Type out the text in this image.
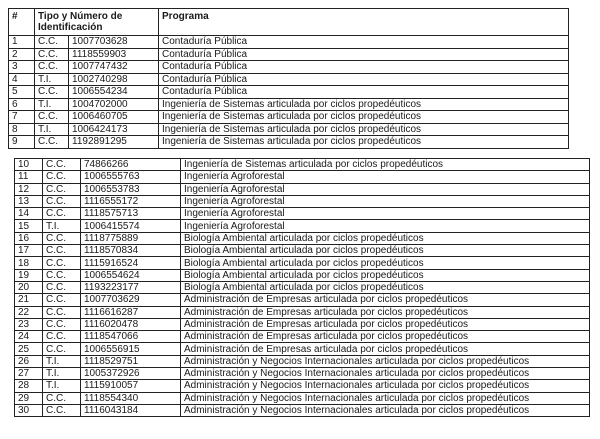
#	Tipo y Número de Identificación		Programa
1	C.C.	1007703628	Contaduría Pública
2	C.C.	1118559903	Contaduría Pública
3	C.C.	1007747432	Contaduría Pública
4	T.I.	1002740298	Contaduría Pública
5	C.C.	1006554234	Contaduría Pública
6	T.I.	1004702000	Ingeniería de Sistemas articulada por ciclos propedéuticos
7	C.C.	1006460705	Ingeniería de Sistemas articulada por ciclos propedéuticos
8	T.I.	1006424173	Ingeniería de Sistemas articulada por ciclos propedéuticos
9	C.C.	1192891295	Ingeniería de Sistemas articulada por ciclos propedéuticos
10	C.C.	74866266	Ingeniería de Sistemas articulada por ciclos propedéuticos
11	C.C.	1006555763	Ingeniería Agroforestal
12	C.C.	1006553783	Ingeniería Agroforestal
13	C.C.	1116555172	Ingeniería Agroforestal
14	C.C.	1118575713	Ingeniería Agroforestal
15	T.I.	1006415574	Ingeniería Agroforestal
16	C.C.	1118775889	Biología Ambiental articulada por ciclos propedéuticos
17	C.C.	1118570834	Biología Ambiental articulada por ciclos propedéuticos
18	C.C.	1115916524	Biología Ambiental articulada por ciclos propedéuticos
19	C.C.	1006554624	Biología Ambiental articulada por ciclos propedéuticos
20	C.C.	1193223177	Biología Ambiental articulada por ciclos propedéuticos
21	C.C.	1007703629	Administración de Empresas articulada por ciclos propedéuticos
22	C.C.	1116616287	Administración de Empresas articulada por ciclos propedéuticos
23	C.C.	1116020478	Administración de Empresas articulada por ciclos propedéuticos
24	C.C.	1118547066	Administración de Empresas articulada por ciclos propedéuticos
25	C.C.	1006556915	Administración de Empresas articulada por ciclos propedéuticos
26	T.I.	1118529751	Administración y Negocios Internacionales articulada por ciclos propedéuticos
27	T.I.	1005372926	Administración y Negocios Internacionales articulada por ciclos propedéuticos
28	T.I.	1115910057	Administración y Negocios Internacionales articulada por ciclos propedéuticos
29	C.C.	1118554340	Administración y Negocios Internacionales articulada por ciclos propedéuticos
30	C.C.	1116043184	Administración y Negocios Internacionales articulada por ciclos propedéuticos
